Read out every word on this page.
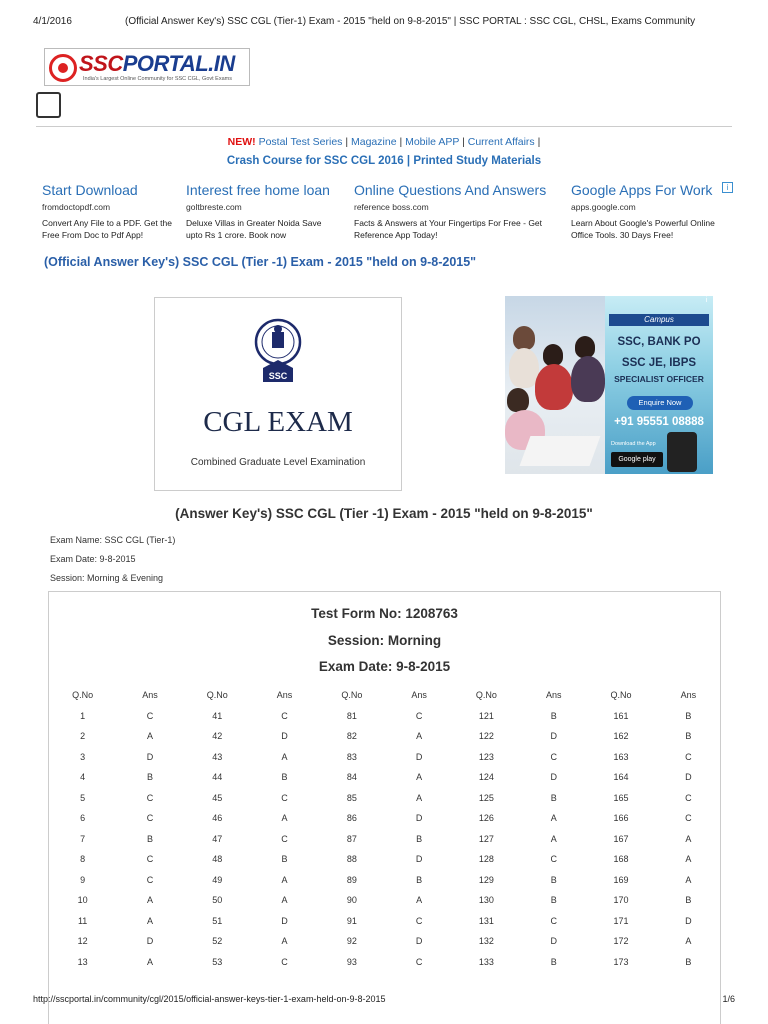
4/1/2016	(Official Answer Key's) SSC CGL (Tier-1) Exam - 2015 "held on 9-8-2015" | SSC PORTAL : SSC CGL, CHSL, Exams Community
SSCPORTAL.IN
India's Largest Online Community for SSC CGL, Govt Exams
NEW! Postal Test Series | Magazine | Mobile APP | Current Affairs |
Crash Course for SSC CGL 2016 | Printed Study Materials
Start Download
fromdoctopdf.com
Convert Any File to a PDF. Get the Free From Doc to Pdf App!
Interest free home loan
goltbreste.com
Deluxe Villas in Greater Noida Save upto Rs 1 crore. Book now
Online Questions And Answers
reference boss.com
Facts & Answers at Your Fingertips For Free - Get Reference App Today!
Google Apps For Work
apps.google.com
Learn About Google's Powerful Online Office Tools. 30 Days Free!
i
(Official Answer Key's) SSC CGL (Tier -1) Exam - 2015 "held on 9-8-2015"
SSC
CGL EXAM
Combined Graduate Level Examination
Campus
SSC, BANK PO
SSC JE, IBPS
SPECIALIST OFFICER
Enquire Now
+91 95551 08888
Download the App
Google play
i
(Answer Key's) SSC CGL (Tier -1) Exam - 2015 "held on 9-8-2015"
Exam Name: SSC CGL (Tier-1)
Exam Date: 9-8-2015
Session: Morning & Evening
Test Form No: 1208763
Session: Morning
Exam Date: 9-8-2015
Q.No	Ans	Q.No	Ans	Q.No	Ans	Q.No	Ans	Q.No	Ans
1	C	41	C	81	C	121	B	161	B
2	A	42	D	82	A	122	D	162	B
3	D	43	A	83	D	123	C	163	C
4	B	44	B	84	A	124	D	164	D
5	C	45	C	85	A	125	B	165	C
6	C	46	A	86	D	126	A	166	C
7	B	47	C	87	B	127	A	167	A
8	C	48	B	88	D	128	C	168	A
9	C	49	A	89	B	129	B	169	A
10	A	50	A	90	A	130	B	170	B
11	A	51	D	91	C	131	C	171	D
12	D	52	A	92	D	132	D	172	A
13	A	53	C	93	C	133	B	173	B
http://sscportal.in/community/cgl/2015/official-answer-keys-tier-1-exam-held-on-9-8-2015	1/6
